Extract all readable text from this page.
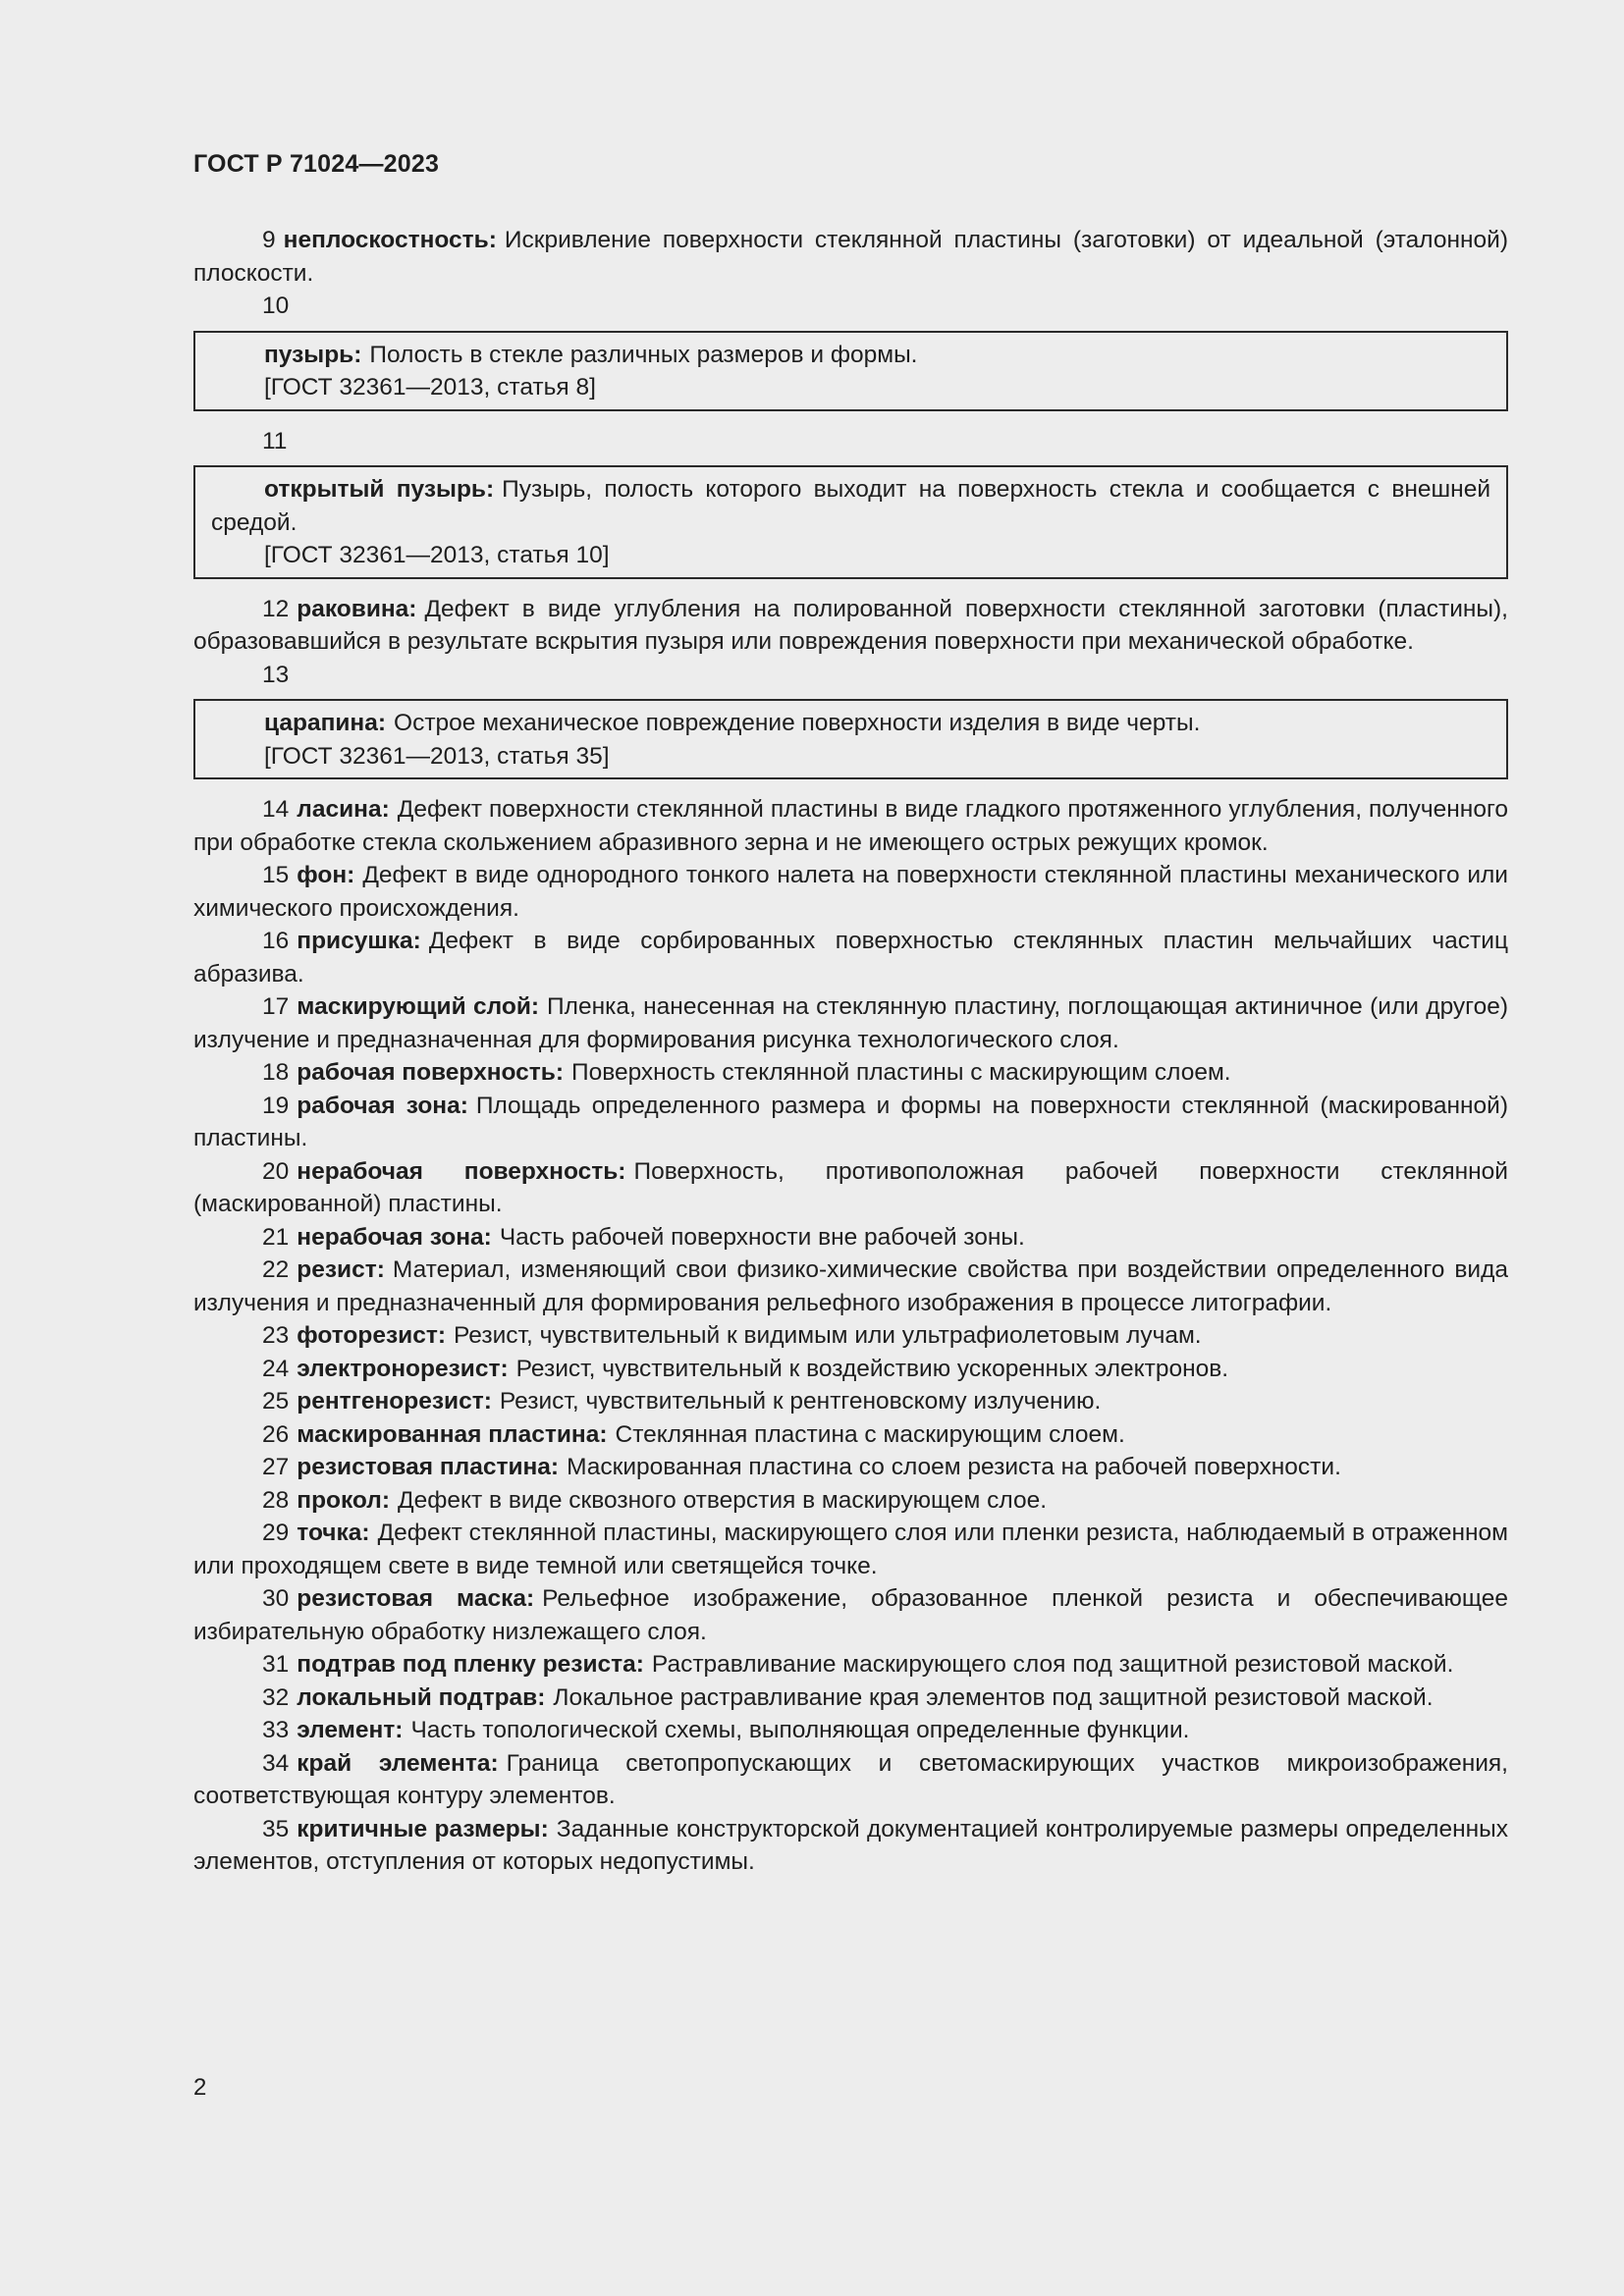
ГОСТ Р 71024—2023

9 неплоскостность: Искривление поверхности стеклянной пластины (заготовки) от идеальной (эталонной) плоскости.

10

пузырь: Полость в стекле различных размеров и формы.

[ГОСТ 32361—2013, статья 8]

11

открытый пузырь: Пузырь, полость которого выходит на поверхность стекла и сообщается с внешней средой.

[ГОСТ 32361—2013, статья 10]

12 раковина: Дефект в виде углубления на полированной поверхности стеклянной заготовки (пластины), образовавшийся в результате вскрытия пузыря или повреждения поверхности при механической обработке.

13

царапина: Острое механическое повреждение поверхности изделия в виде черты.

[ГОСТ 32361—2013, статья 35]

14 ласина: Дефект поверхности стеклянной пластины в виде гладкого протяженного углубления, полученного при обработке стекла скольжением абразивного зерна и не имеющего острых режущих кромок.

15 фон: Дефект в виде однородного тонкого налета на поверхности стеклянной пластины механического или химического происхождения.

16 присушка: Дефект в виде сорбированных поверхностью стеклянных пластин мельчайших частиц абразива.

17 маскирующий слой: Пленка, нанесенная на стеклянную пластину, поглощающая актиничное (или другое) излучение и предназначенная для формирования рисунка технологического слоя.

18 рабочая поверхность: Поверхность стеклянной пластины с маскирующим слоем.

19 рабочая зона: Площадь определенного размера и формы на поверхности стеклянной (маскированной) пластины.

20 нерабочая поверхность: Поверхность, противоположная рабочей поверхности стеклянной (маскированной) пластины.

21 нерабочая зона: Часть рабочей поверхности вне рабочей зоны.

22 резист: Материал, изменяющий свои физико-химические свойства при воздействии определенного вида излучения и предназначенный для формирования рельефного изображения в процессе литографии.

23 фоторезист: Резист, чувствительный к видимым или ультрафиолетовым лучам.

24 электронорезист: Резист, чувствительный к воздействию ускоренных электронов.

25 рентгенорезист: Резист, чувствительный к рентгеновскому излучению.

26 маскированная пластина: Стеклянная пластина с маскирующим слоем.

27 резистовая пластина: Маскированная пластина со слоем резиста на рабочей поверхности.

28 прокол: Дефект в виде сквозного отверстия в маскирующем слое.

29 точка: Дефект стеклянной пластины, маскирующего слоя или пленки резиста, наблюдаемый в отраженном или проходящем свете в виде темной или светящейся точке.

30 резистовая маска: Рельефное изображение, образованное пленкой резиста и обеспечивающее избирательную обработку низлежащего слоя.

31 подтрав под пленку резиста: Растравливание маскирующего слоя под защитной резистовой маской.

32 локальный подтрав: Локальное растравливание края элементов под защитной резистовой маской.

33 элемент: Часть топологической схемы, выполняющая определенные функции.

34 край элемента: Граница светопропускающих и светомаскирующих участков микроизображения, соответствующая контуру элементов.

35 критичные размеры: Заданные конструкторской документацией контролируемые размеры определенных элементов, отступления от которых недопустимы.

2
